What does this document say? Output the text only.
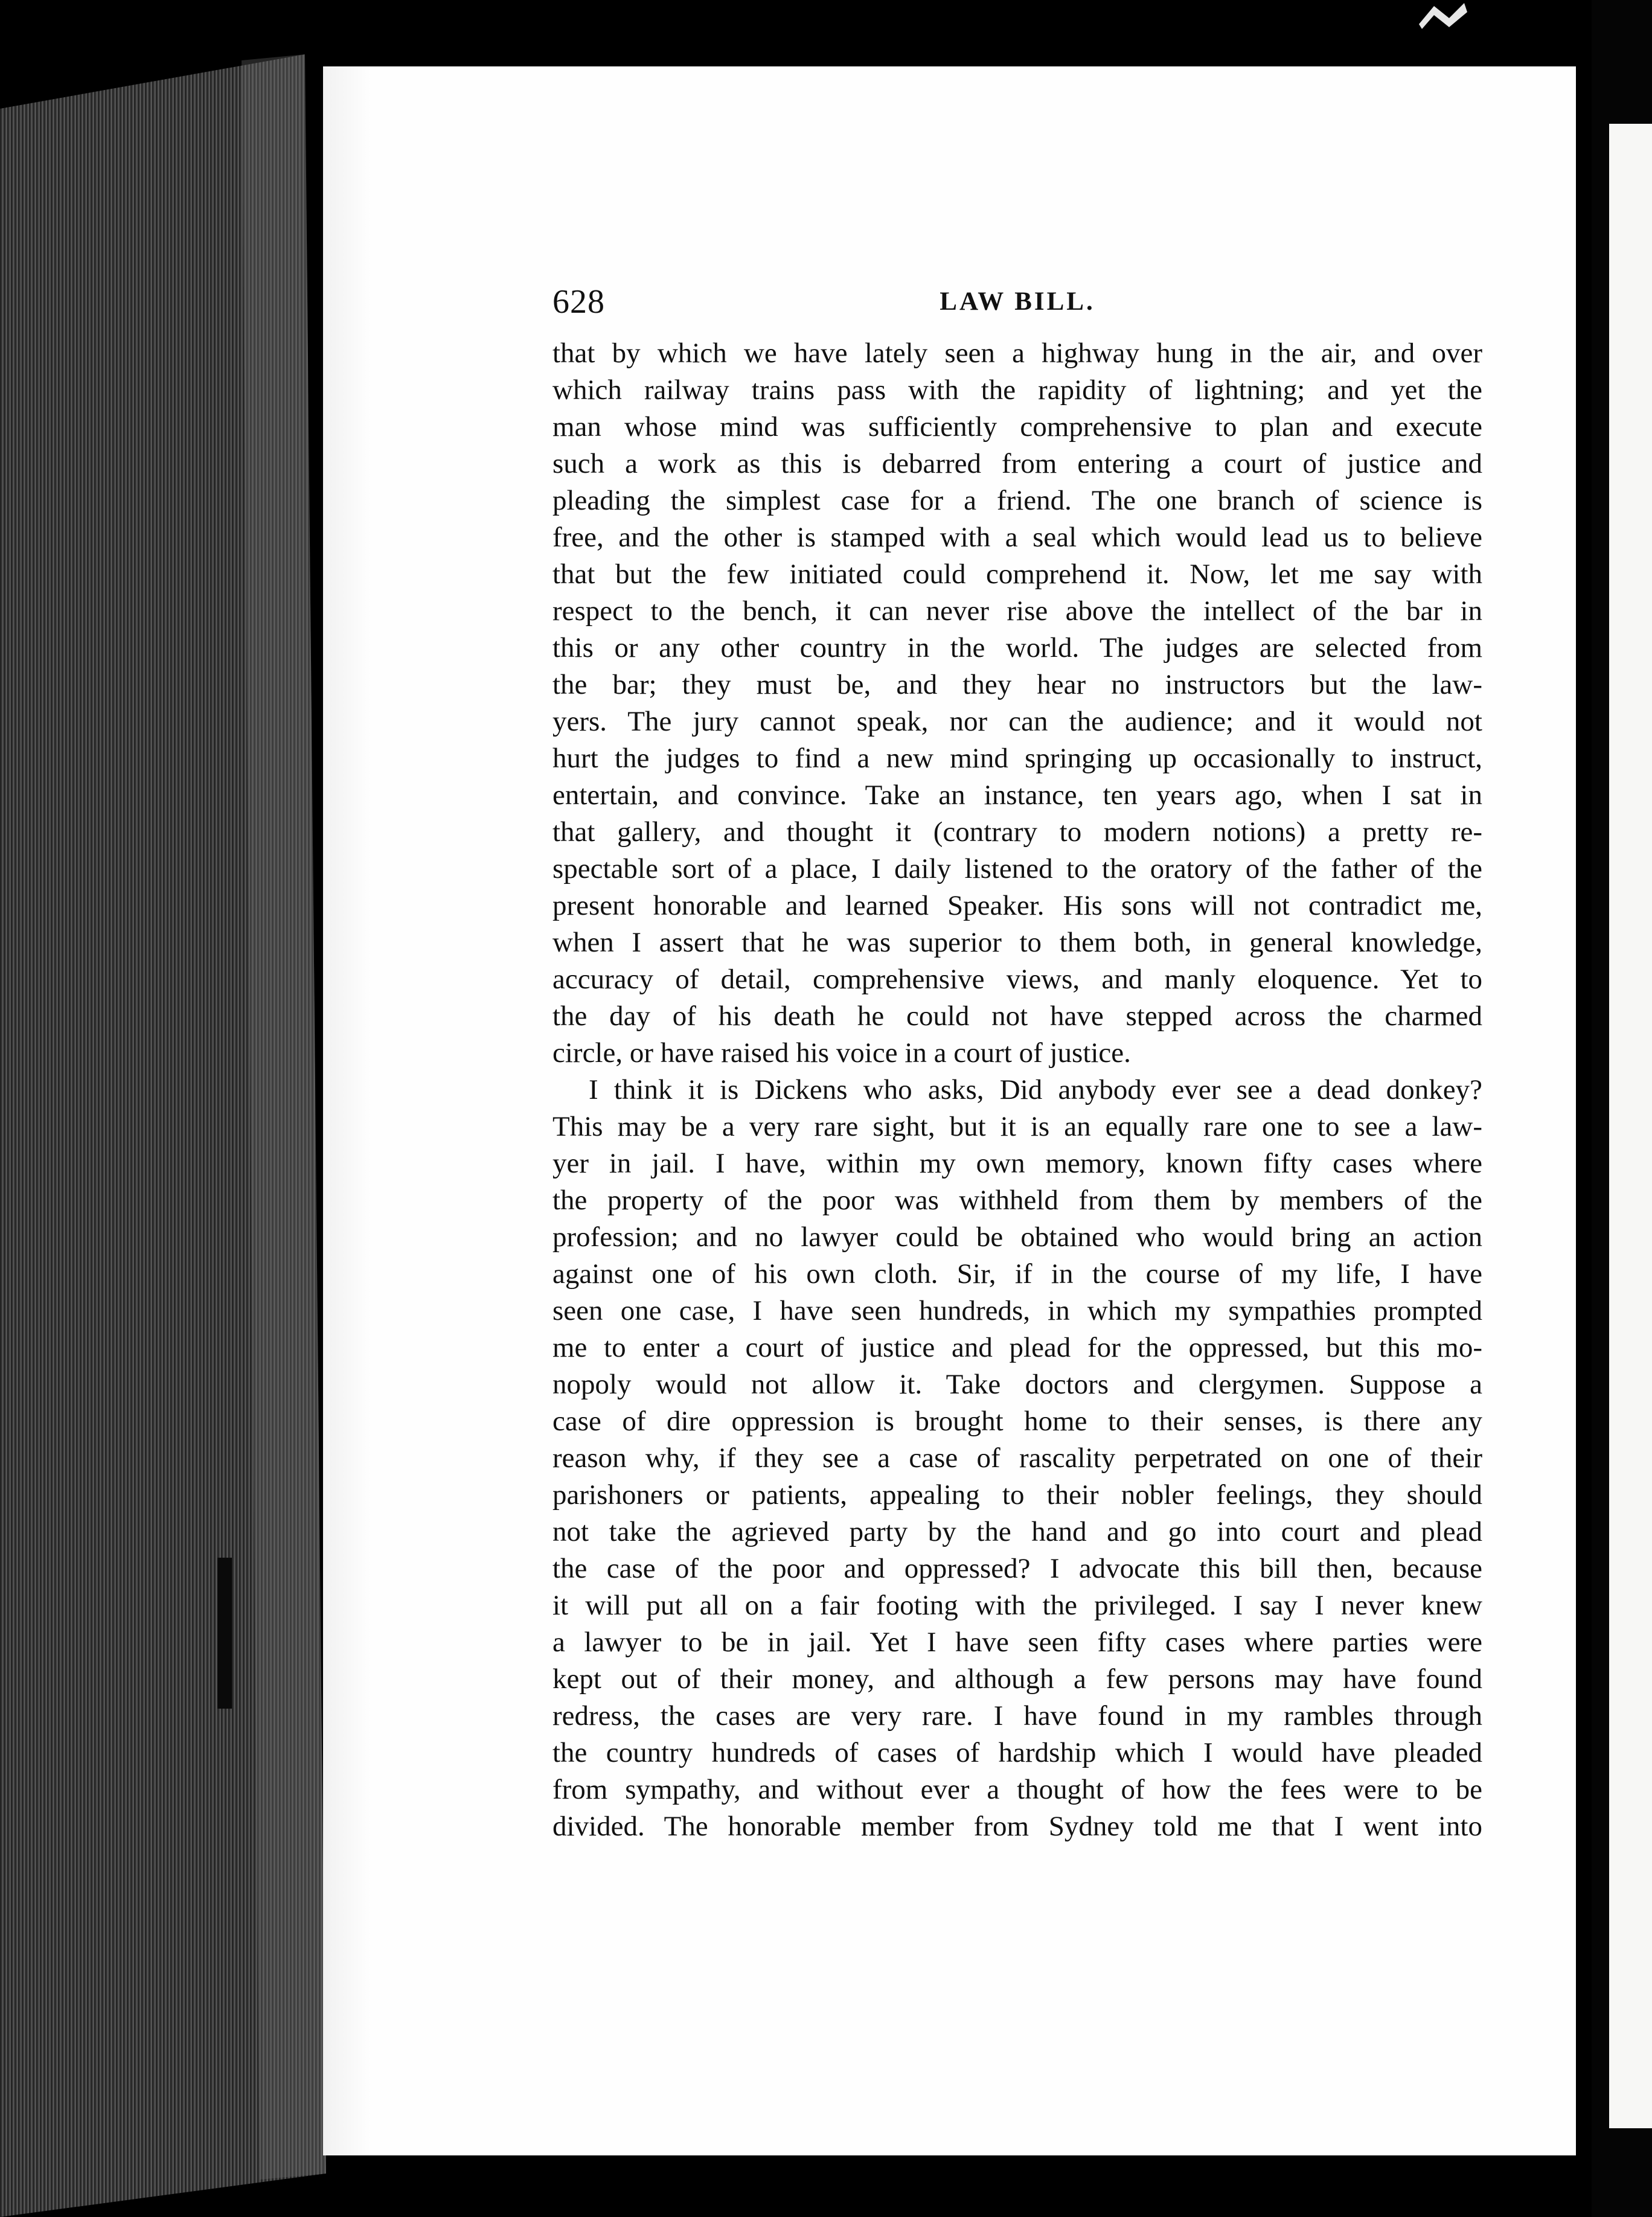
628	LAW BILL.
that by which we have lately seen a highway hung in the air, and over
which railway trains pass with the rapidity of lightning; and yet the
man whose mind was sufficiently comprehensive to plan and execute
such a work as this is debarred from entering a court of justice and
pleading the simplest case for a friend. The one branch of science is
free, and the other is stamped with a seal which would lead us to believe
that but the few initiated could comprehend it. Now, let me say with
respect to the bench, it can never rise above the intellect of the bar in
this or any other country in the world. The judges are selected from
the bar; they must be, and they hear no instructors but the law-
yers. The jury cannot speak, nor can the audience; and it would not
hurt the judges to find a new mind springing up occasionally to instruct,
entertain, and convince. Take an instance, ten years ago, when I sat in
that gallery, and thought it (contrary to modern notions) a pretty re-
spectable sort of a place, I daily listened to the oratory of the father of the
present honorable and learned Speaker. His sons will not contradict me,
when I assert that he was superior to them both, in general knowledge,
accuracy of detail, comprehensive views, and manly eloquence. Yet to
the day of his death he could not have stepped across the charmed
circle, or have raised his voice in a court of justice.
I think it is Dickens who asks, Did anybody ever see a dead donkey?
This may be a very rare sight, but it is an equally rare one to see a law-
yer in jail. I have, within my own memory, known fifty cases where
the property of the poor was withheld from them by members of the
profession; and no lawyer could be obtained who would bring an action
against one of his own cloth. Sir, if in the course of my life, I have
seen one case, I have seen hundreds, in which my sympathies prompted
me to enter a court of justice and plead for the oppressed, but this mo-
nopoly would not allow it. Take doctors and clergymen. Suppose a
case of dire oppression is brought home to their senses, is there any
reason why, if they see a case of rascality perpetrated on one of their
parishoners or patients, appealing to their nobler feelings, they should
not take the agrieved party by the hand and go into court and plead
the case of the poor and oppressed? I advocate this bill then, because
it will put all on a fair footing with the privileged. I say I never knew
a lawyer to be in jail. Yet I have seen fifty cases where parties were
kept out of their money, and although a few persons may have found
redress, the cases are very rare. I have found in my rambles through
the country hundreds of cases of hardship which I would have pleaded
from sympathy, and without ever a thought of how the fees were to be
divided. The honorable member from Sydney told me that I went into
